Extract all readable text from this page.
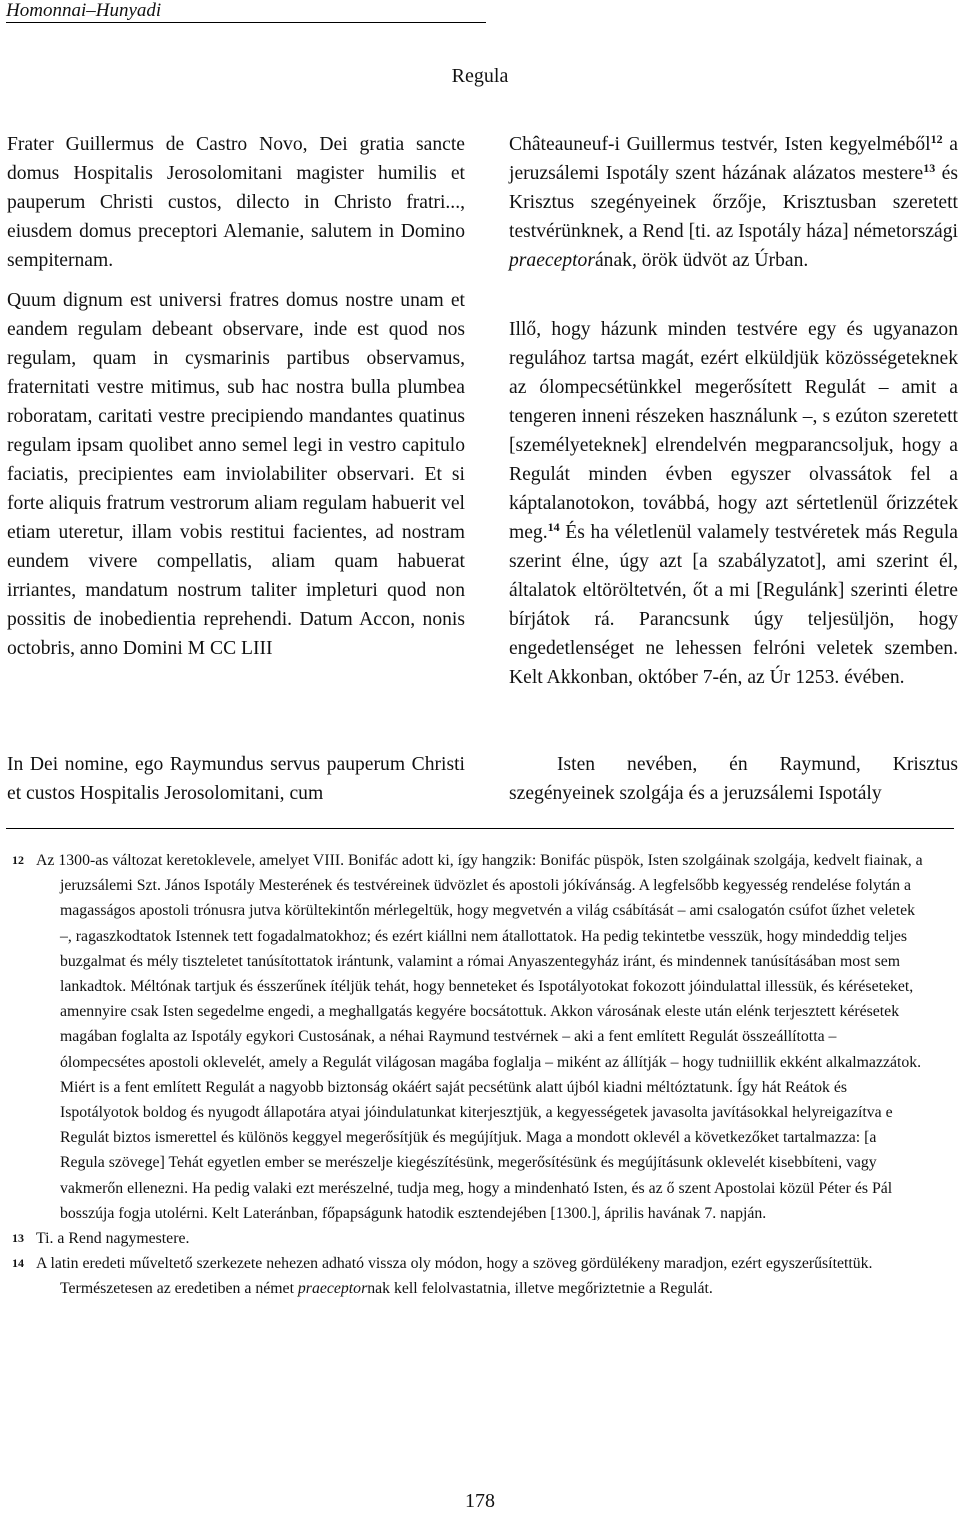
Homonnai–Hunyadi
Regula

Frater Guillermus de Castro Novo, Dei gratia sancte domus Hospitalis Jerosolomitani magister humilis et pauperum Christi custos, dilecto in Christo fratri..., eiusdem domus preceptori Alemanie, salutem in Domino sempiternam.

Quum dignum est universi fratres domus nostre unam et eandem regulam debeant observare, inde est quod nos regulam, quam in cysmarinis partibus observamus, fraternitati vestre mitimus, sub hac nostra bulla plumbea roboratam, caritati vestre precipiendo mandantes quatinus regulam ipsam quolibet anno semel legi in vestro capitulo faciatis, precipientes eam inviolabiliter observari. Et si forte aliquis fratrum vestrorum aliam regulam habuerit vel etiam uteretur, illam vobis restitui facientes, ad nostram eundem vivere compellatis, aliam quam habuerat irriantes, mandatum nostrum taliter impleturi quod non possitis de inobedientia reprehendi. Datum Accon, nonis octobris, anno Domini M CC LIII

In Dei nomine, ego Raymundus servus pauperum Christi et custos Hospitalis Jerosolomitani, cum

Châteauneuf-i Guillermus testvér, Isten kegyelméből$^{12}$ a jeruzsálemi Ispotály szent házának alázatos mestere$^{13}$ és Krisztus szegényeinek őrzője, Krisztusban szeretett testvérünknek, a Rend [ti. az Ispotály háza] németországi praeceptorának, örök üdvöt az Úrban.

Illő, hogy házunk minden testvére egy és ugyanazon regulához tartsa magát, ezért elküldjük közösségeteknek az ólompecsétünkkel megerősített Regulát – amit a tengeren inneni részeken használunk –, s ezúton szeretett [személyeteknek] elrendelvén megparancsoljuk, hogy a Regulát minden évben egyszer olvassátok fel a káptalanotokon, továbbá, hogy azt sértetlenül őrizzétek meg.$^{14}$ És ha véletlenül valamely testvéretek más Regula szerint élne, úgy azt [a szabályzatot], ami szerint él, általatok eltöröltetvén, őt a mi [Regulánk] szerinti életre bírjátok rá. Parancsunk úgy teljesüljön, hogy engedetlenséget ne lehessen felróni veletek szemben. Kelt Akkonban, október 7-én, az Úr 1253. évében.

Isten nevében, én Raymund, Krisztus szegényeinek szolgája és a jeruzsálemi Ispotály

12 Az 1300-as változat keretoklevele, amelyet VIII. Bonifác adott ki, így hangzik: Bonifác püspök, Isten szolgáinak szolgája, kedvelt fiainak, a jeruzsálemi Szt. János Ispotály Mesterének és testvéreinek üdvözlet és apostoli jókívánság. A legfelsőbb kegyesség rendelése folytán a magasságos apostoli trónusra jutva körültekintőn mérlegeltük, hogy megvetvén a világ csábítását – ami csalogatón csúfot űzhet veletek –, ragaszkodtatok Istennek tett fogadalmatokhoz; és ezért kiállni nem átallottatok. Ha pedig tekintetbe vesszük, hogy mindeddig teljes buzgalmat és mély tiszteletet tanúsítottatok irántunk, valamint a római Anyaszentegyház iránt, és mindennek tanúsításában most sem lankadtok. Méltónak tartjuk és ésszerűnek ítéljük tehát, hogy benneteket és Ispotályotokat fokozott jóindulattal illessük, és kéréseteket, amennyire csak Isten segedelme engedi, a meghallgatás kegyére bocsátottuk. Akkon városának eleste után elénk terjesztett kérésetek magában foglalta az Ispotály egykori Custosának, a néhai Raymund testvérnek – aki a fent említett Regulát összeállította – ólompecsétes apostoli oklevelét, amely a Regulát világosan magába foglalja – miként az állítják – hogy tudniillik ekként alkalmazzátok. Miért is a fent említett Regulát a nagyobb biztonság okáért saját pecsétünk alatt újból kiadni méltóztatunk. Így hát Reátok és Ispotályotok boldog és nyugodt állapotára atyai jóindulatunkat kiterjesztjük, a kegyességetek javasolta javításokkal helyreigazítva e Regulát biztos ismerettel és különös keggyel megerősítjük és megújítjuk. Maga a mondott oklevél a következőket tartalmazza: [a Regula szövege] Tehát egyetlen ember se merészelje kiegészítésünk, megerősítésünk és megújításunk oklevelét kisebbíteni, vagy vakmerőn ellenezni. Ha pedig valaki ezt merészelné, tudja meg, hogy a mindenható Isten, és az ő szent Apostolai közül Péter és Pál bosszúja fogja utolérni. Kelt Lateránban, főpapságunk hatodik esztendejében [1300.], április havának 7. napján.
13 Ti. a Rend nagymestere.
14 A latin eredeti műveltető szerkezete nehezen adható vissza oly módon, hogy a szöveg gördülékeny maradjon, ezért egyszerűsítettük. Természetesen az eredetiben a német praeceptornak kell felolvastatnia, illetve megőriztetnie a Regulát.
178
